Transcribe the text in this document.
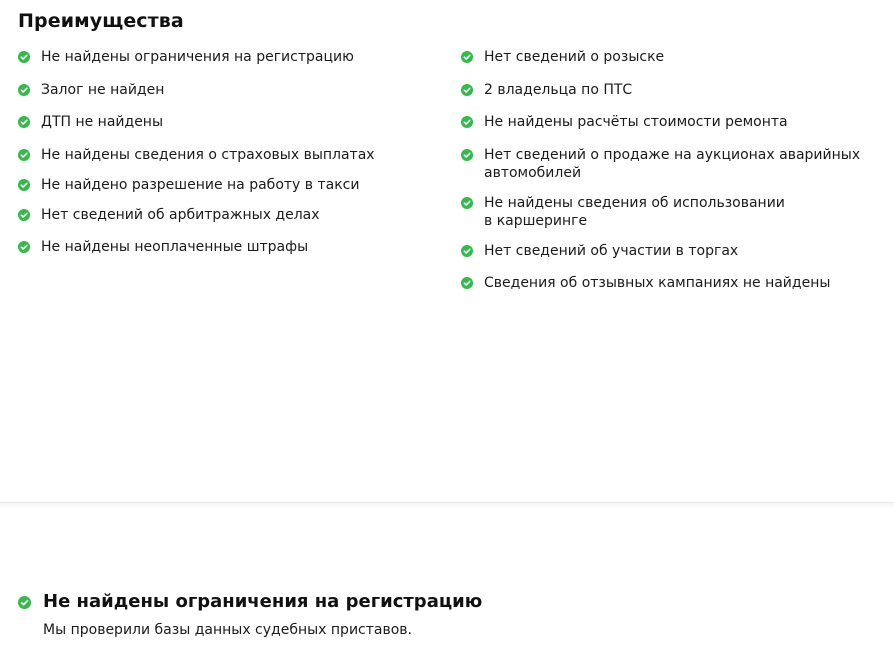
Преимущества
Не найдены ограничения на регистрацию
Залог не найден
ДТП не найдены
Не найдены сведения о страховых выплатах
Не найдено разрешение на работу в такси
Нет сведений об арбитражных делах
Не найдены неоплаченные штрафы
Нет сведений о розыске
2 владельца по ПТС
Не найдены расчёты стоимости ремонта
Нет сведений о продаже на аукционах аварийных автомобилей
Не найдены сведения об использовании
в каршеринге
Нет сведений об участии в торгах
Сведения об отзывных кампаниях не найдены
Не найдены ограничения на регистрацию

Мы проверили базы данных судебных приставов.
